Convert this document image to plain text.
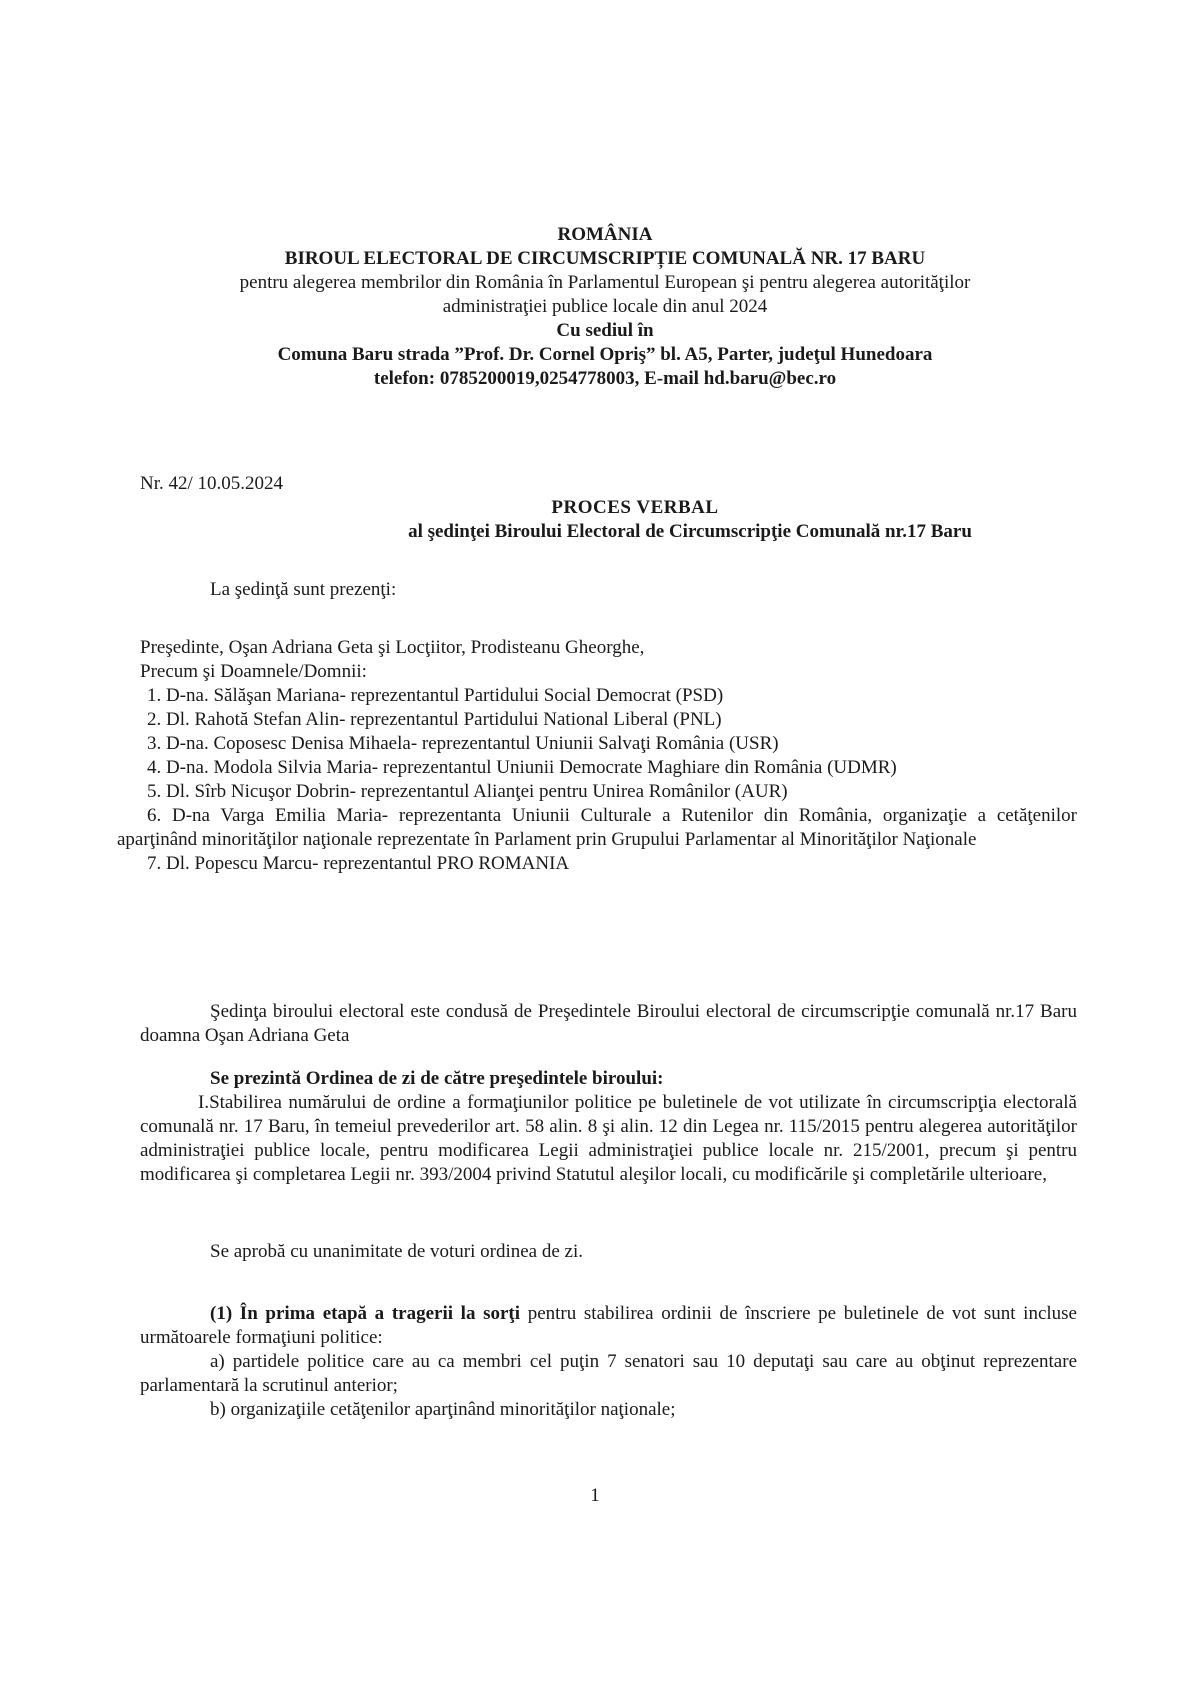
ROMÂNIA
BIROUL ELECTORAL DE CIRCUMSCRIPȚIE COMUNALĂ NR. 17 BARU
pentru alegerea membrilor din România în Parlamentul European şi pentru alegerea autorităţilor
administraţiei publice locale din anul 2024
Cu sediul în
Comuna Baru strada ”Prof. Dr. Cornel Opriş” bl. A5, Parter, judeţul Hunedoara
telefon: 0785200019,0254778003, E-mail hd.baru@bec.ro
Nr. 42/ 10.05.2024
PROCES VERBAL
al şedinţei Biroului Electoral de Circumscripţie Comunală nr.17 Baru
La şedinţă sunt prezenţi:

Preşedinte, Oşan Adriana Geta şi Locţiitor, Prodisteanu Gheorghe,

Precum şi Doamnele/Domnii:

1. D-na. Sălăşan Mariana- reprezentantul Partidului Social Democrat (PSD)

2. Dl. Rahotă Stefan Alin- reprezentantul Partidului National Liberal (PNL)

3. D-na. Coposesc Denisa Mihaela- reprezentantul Uniunii Salvaţi România (USR)

4. D-na. Modola Silvia Maria- reprezentantul Uniunii Democrate Maghiare din România (UDMR)

5. Dl. Sîrb Nicuşor Dobrin- reprezentantul Alianţei pentru Unirea Românilor (AUR)

6. D-na Varga Emilia Maria- reprezentanta Uniunii Culturale a Rutenilor din România, organizaţie a cetăţenilor aparţinând minorităţilor naţionale reprezentate în Parlament prin Grupului Parlamentar al Minorităţilor Naţionale

7. Dl. Popescu Marcu- reprezentantul PRO ROMANIA

Şedinţa biroului electoral este condusă de Preşedintele Biroului electoral de circumscripţie comunală nr.17 Baru doamna Oşan Adriana Geta

Se prezintă Ordinea de zi de către preşedintele biroului:

I.Stabilirea numărului de ordine a formaţiunilor politice pe buletinele de vot utilizate în circumscripţia electorală comunală nr. 17 Baru, în temeiul prevederilor art. 58 alin. 8 şi alin. 12 din Legea nr. 115/2015 pentru alegerea autorităţilor administraţiei publice locale, pentru modificarea Legii administraţiei publice locale nr. 215/2001, precum şi pentru modificarea şi completarea Legii nr. 393/2004 privind Statutul aleşilor locali, cu modificările şi completările ulterioare,

Se aprobă cu unanimitate de voturi ordinea de zi.

(1) În prima etapă a tragerii la sorţi pentru stabilirea ordinii de înscriere pe buletinele de vot sunt incluse următoarele formaţiuni politice:

a) partidele politice care au ca membri cel puţin 7 senatori sau 10 deputaţi sau care au obţinut reprezentare parlamentară la scrutinul anterior;

b) organizaţiile cetăţenilor aparţinând minorităţilor naţionale;

1
